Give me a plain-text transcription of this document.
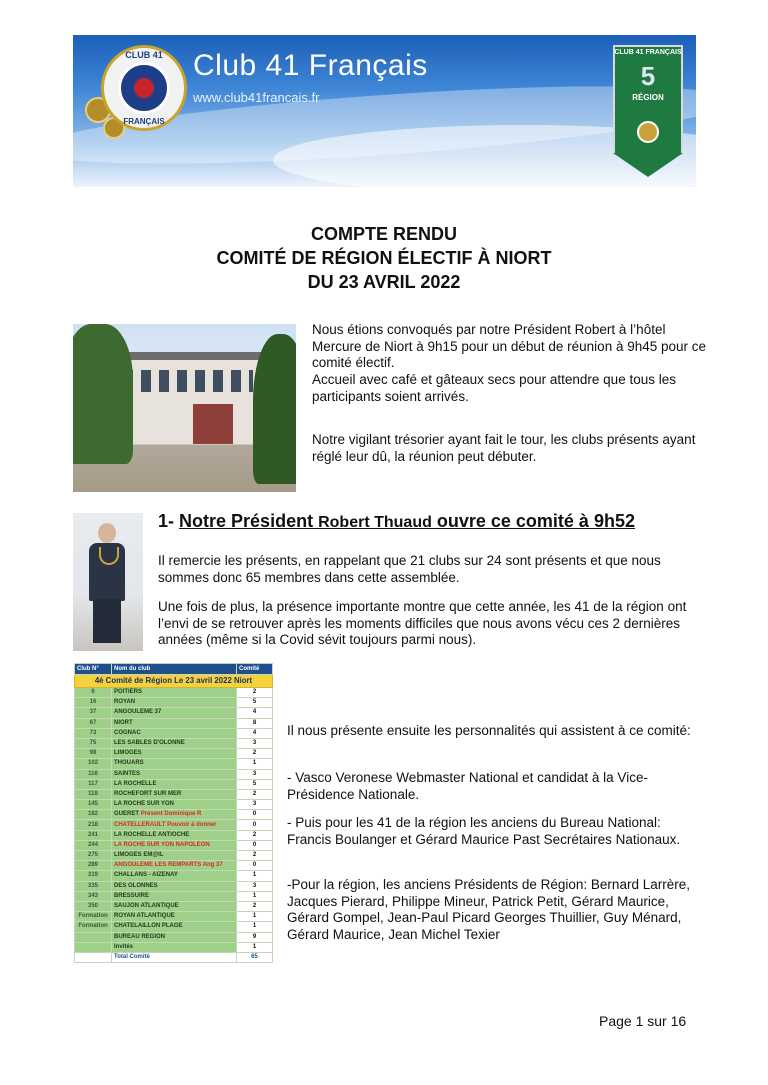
CLUB 41
FRANÇAIS
Club 41 Français
www.club41francais.fr
CLUB 41 FRANÇAIS
5
RÉGION
COMPTE RENDU
COMITÉ DE RÉGION ÉLECTIF À NIORT
DU 23 AVRIL 2022
Nous étions convoqués par notre Président Robert à l’hôtel Mercure de Niort à 9h15 pour un début de réunion à 9h45 pour ce comité électif.
Accueil avec café et gâteaux secs pour attendre que tous les participants soient arrivés.
Notre vigilant trésorier ayant fait le tour, les clubs présents ayant réglé leur dû, la réunion peut débuter.
1- Notre Président Robert Thuaud ouvre ce comité à 9h52
Il remercie les présents, en rappelant que 21 clubs sur 24 sont présents et que nous sommes donc 65 membres dans cette assemblée.
Une fois de plus, la présence importante montre que cette année, les 41 de la région ont l’envi de se retrouver après les moments difficiles que nous avons vécu ces 2 dernières années (même si la Covid sévit toujours parmi nous).
4è Comité de Région Le 23 avril 2022 Niort		
Club N°	Nom du club	Comité
6	POITIERS	2
16	ROYAN	5
37	ANGOULEME 37	4
67	NIORT	8
73	COGNAC	4
75	LES SABLES D'OLONNE	3
98	LIMOGES	2
102	THOUARS	1
116	SAINTES	3
117	LA ROCHELLE	5
118	ROCHEFORT SUR MER	2
145	LA ROCHE SUR YON	3
182	GUERET Présent Dominique R	0
218	CHATELLERAULT Pouvoir à donner	0
241	LA ROCHELLE ANTIOCHE	2
244	LA ROCHE SUR YON NAPOLEON	0
275	LIMOGES EM@IL	2
289	ANGOULEME LES REMPARTS Ang 37	0
319	CHALLANS - AIZENAY	1
335	DES OLONNES	3
343	BRESSUIRE	1
350	SAUJON ATLANTIQUE	2
Formation	ROYAN ATLANTIQUE	1
Formation	CHATELAILLON PLAGE	1
	BUREAU REGION	9
	Invités	1
	Total Comité	65
Il nous présente ensuite les personnalités qui assistent à ce comité:
- Vasco Veronese Webmaster National et candidat à la Vice-Présidence Nationale.
- Puis pour les 41 de la région les anciens du Bureau National: Francis Boulanger et Gérard Maurice Past Secrétaires Nationaux.
-Pour la région, les anciens Présidents de Région: Bernard Larrère, Jacques Pierard, Philippe Mineur, Patrick Petit, Gérard Maurice, Gérard Gompel, Jean-Paul Picard Georges Thuillier, Guy Ménard, Gérard Maurice, Jean Michel Texier
Page 1 sur 16
